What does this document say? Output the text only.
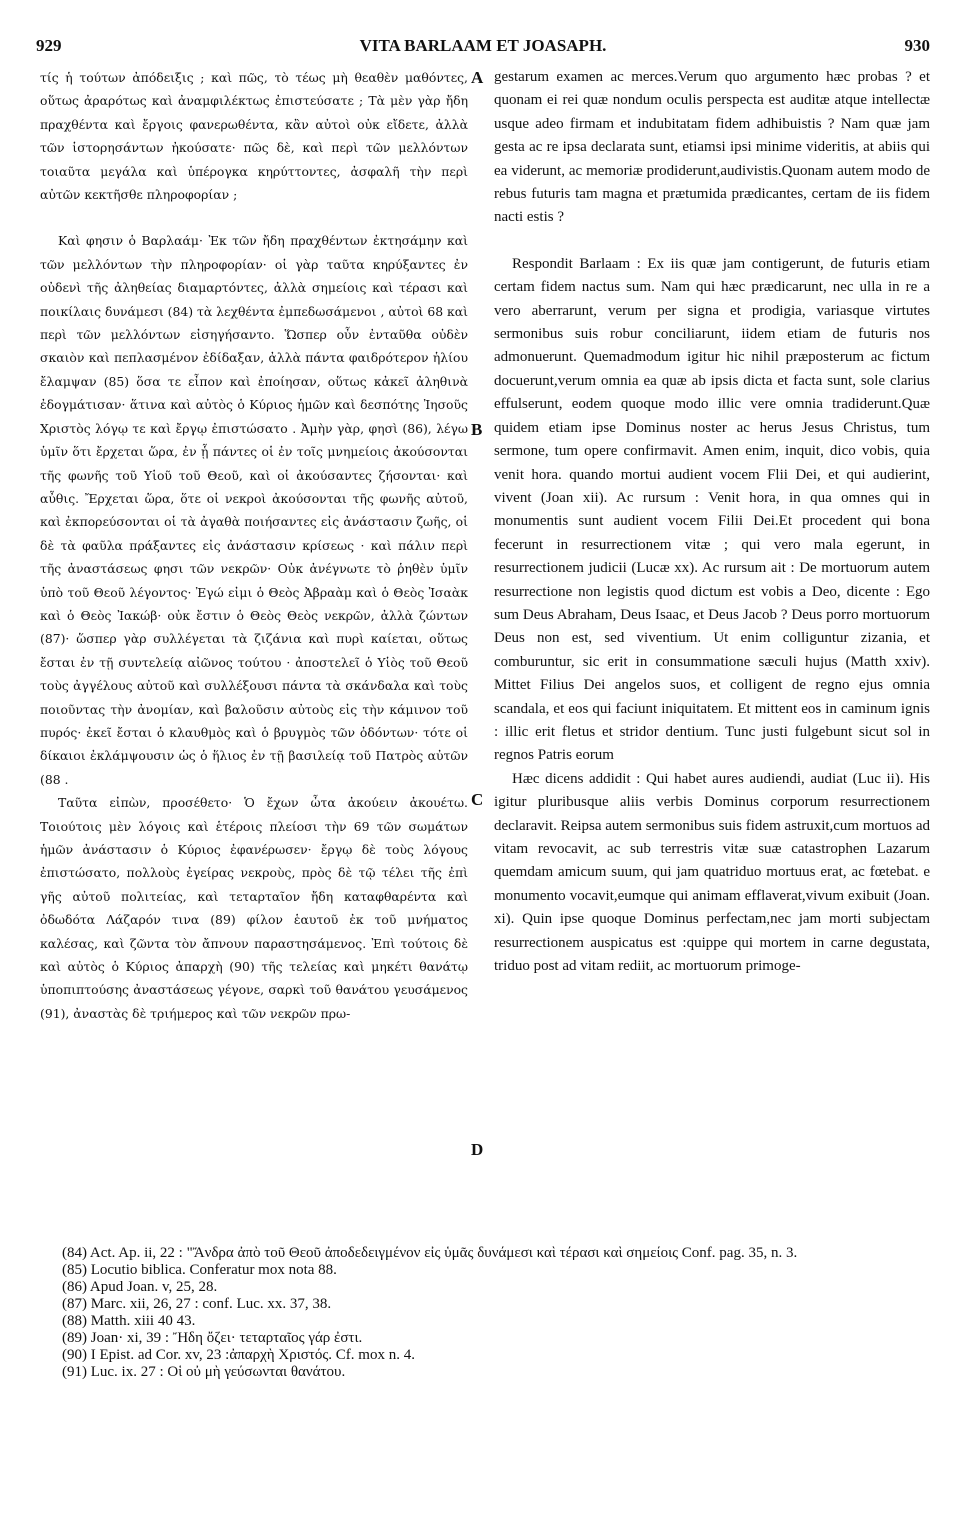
929	VITA BARLAAM ET JOASAPH.	930

τίς ἡ τούτων ἀπόδειξις ; καὶ πῶς, τὸ τέως μὴ θεαθὲν μαθόντες, οὕτως ἀραρότως καὶ ἀναμφιλέκτως ἐπιστεύσατε ; Τὰ μὲν γὰρ ἤδη πραχθέντα καὶ ἔργοις φανερωθέντα, κἂν αὐτοὶ οὐκ εἴδετε, ἀλλὰ τῶν ἱστορησάντων ἠκούσατε· πῶς δὲ, καὶ περὶ τῶν μελλόντων τοιαῦτα μεγάλα καὶ ὑπέρογκα κηρύττοντες, ἀσφαλῆ τὴν περὶ αὐτῶν κεκτῆσθε πληροφορίαν ;

Καὶ φησιν ὁ Βαρλαάμ· Ἐκ τῶν ἤδη πραχθέντων ἐκτησάμην καὶ τῶν μελλόντων τὴν πληροφορίαν· οἱ γὰρ ταῦτα κηρύξαντες ἐν οὐδενὶ τῆς ἀληθείας διαμαρτόντες, ἀλλὰ σημείοις καὶ τέρασι καὶ ποικίλαις δυνάμεσι (84) τὰ λεχθέντα ἐμπεδωσάμενοι , αὐτοὶ 68 καὶ περὶ τῶν μελλόντων εἰσηγήσαντο. Ὥσπερ οὖν ἐνταῦθα οὐδὲν σκαιὸν καὶ πεπλασμένον ἐδίδαξαν, ἀλλὰ πάντα φαιδρότερον ἡλίου ἔλαμψαν (85) ὅσα τε εἶπον καὶ ἐποίησαν, οὕτως κἀκεῖ ἀληθινὰ ἐδογμάτισαν· ἅτινα καὶ αὐτὸς ὁ Κύριος ἡμῶν καὶ δεσπότης Ἰησοῦς Χριστὸς λόγῳ τε καὶ ἔργῳ ἐπιστώσατο . Ἀμὴν γὰρ, φησὶ (86), λέγω ὑμῖν ὅτι ἔρχεται ὥρα, ἐν ᾗ πάντες οἱ ἐν τοῖς μνημείοις ἀκούσονται τῆς φωνῆς τοῦ Υἱοῦ τοῦ Θεοῦ, καὶ οἱ ἀκούσαντες ζήσονται· καὶ αὖθις. Ἔρχεται ὥρα, ὅτε οἱ νεκροὶ ἀκούσονται τῆς φωνῆς αὐτοῦ, καὶ ἐκπορεύσονται οἱ τὰ ἀγαθὰ ποιήσαντες εἰς ἀνάστασιν ζωῆς, οἱ δὲ τὰ φαῦλα πράξαντες εἰς ἀνάστασιν κρίσεως · καὶ πάλιν περὶ τῆς ἀναστάσεως φησι τῶν νεκρῶν· Οὐκ ἀνέγνωτε τὸ ῥηθὲν ὑμῖν ὑπὸ τοῦ Θεοῦ λέγοντος· Ἐγώ εἰμι ὁ Θεὸς Ἀβραὰμ καὶ ὁ Θεὸς Ἰσαὰκ καὶ ὁ Θεὸς Ἰακώβ· οὐκ ἔστιν ὁ Θεὸς Θεὸς νεκρῶν, ἀλλὰ ζώντων (87)· ὥσπερ γὰρ συλλέγεται τὰ ζιζάνια καὶ πυρὶ καίεται, οὕτως ἔσται ἐν τῇ συντελείᾳ αἰῶνος τούτου · ἀποστελεῖ ὁ Υἱὸς τοῦ Θεοῦ τοὺς ἀγγέλους αὐτοῦ καὶ συλλέξουσι πάντα τὰ σκάνδαλα καὶ τοὺς ποιοῦντας τὴν ἀνομίαν, καὶ βαλοῦσιν αὐτοὺς εἰς τὴν κάμινον τοῦ πυρός· ἐκεῖ ἔσται ὁ κλαυθμὸς καὶ ὁ βρυγμὸς τῶν ὀδόντων· τότε οἱ δίκαιοι ἐκλάμψουσιν ὡς ὁ ἥλιος ἐν τῇ βασιλείᾳ τοῦ Πατρὸς αὐτῶν (88 .

Ταῦτα εἰπὼν, προσέθετο· Ὁ ἔχων ὦτα ἀκούειν ἀκουέτω. Τοιούτοις μὲν λόγοις καὶ ἑτέροις πλείοσι τὴν 69 τῶν σωμάτων ἡμῶν ἀνάστασιν ὁ Κύριος ἐφανέρωσεν· ἔργῳ δὲ τοὺς λόγους ἐπιστώσατο, πολλοὺς ἐγείρας νεκροὺς, πρὸς δὲ τῷ τέλει τῆς ἐπὶ γῆς αὐτοῦ πολιτείας, καὶ τεταρταῖον ἤδη καταφθαρέντα καὶ ὀδωδότα Λάζαρόν τινα (89) φίλον ἑαυτοῦ ἐκ τοῦ μνήματος καλέσας, καὶ ζῶντα τὸν ἄπνουν παραστησάμενος. Ἐπὶ τούτοις δὲ καὶ αὐτὸς ὁ Κύριος ἀπαρχὴ (90) τῆς τελείας καὶ μηκέτι θανάτῳ ὑποπιπτούσης ἀναστάσεως γέγονε, σαρκὶ τοῦ θανάτου γευσάμενος (91), ἀναστὰς δὲ τριήμερος καὶ τῶν νεκρῶν πρω-

A
B
C
D

gestarum examen ac merces.Verum quo argumento hæc probas ? et quonam ei rei quæ nondum oculis perspecta est auditæ atque intellectæ usque adeo firmam et indubitatam fidem adhibuistis ? Nam quæ jam gesta ac re ipsa declarata sunt, etiamsi ipsi minime videritis, at abiis qui ea viderunt, ac memoriæ prodiderunt,audivistis.Quonam autem modo de rebus futuris tam magna et prætumida prædicantes, certam de iis fidem nacti estis ?

Respondit Barlaam : Ex iis quæ jam contigerunt, de futuris etiam certam fidem nactus sum. Nam qui hæc prædicarunt, nec ulla in re a vero aberrarunt, verum per signa et prodigia, variasque virtutes sermonibus suis robur conciliarunt, iidem etiam de futuris nos admonuerunt. Quemadmodum igitur hic nihil præposterum ac fictum docuerunt,verum omnia ea quæ ab ipsis dicta et facta sunt, sole clarius effulserunt, eodem quoque modo illic vere omnia tradiderunt.Quæ quidem etiam ipse Dominus noster ac herus Jesus Christus, tum sermone, tum opere confirmavit. Amen enim, inquit, dico vobis, quia venit hora. quando mortui audient vocem Flii Dei, et qui audierint, vivent (Joan xii). Ac rursum : Venit hora, in qua omnes qui in monumentis sunt audient vocem Filii Dei.Et procedent qui bona fecerunt in resurrectionem vitæ ; qui vero mala egerunt, in resurrectionem judicii (Lucæ xx). Ac rursum ait : De mortuorum autem resurrectione non legistis quod dictum est vobis a Deo, dicente : Ego sum Deus Abraham, Deus Isaac, et Deus Jacob ? Deus porro mortuorum Deus non est, sed viventium. Ut enim colliguntur zizania, et comburuntur, sic erit in consummatione sæculi hujus (Matth xxiv). Mittet Filius Dei angelos suos, et colligent de regno ejus omnia scandala, et eos qui faciunt iniquitatem. Et mittent eos in caminum ignis : illic erit fletus et stridor dentium. Tunc justi fulgebunt sicut sol in regnos Patris eorum

Hæc dicens addidit : Qui habet aures audiendi, audiat (Luc ii). His igitur pluribusque aliis verbis Dominus corporum resurrectionem declaravit. Reipsa autem sermonibus suis fidem astruxit,cum mortuos ad vitam revocavit, ac sub terrestris vitæ suæ catastrophen Lazarum quemdam amicum suum, qui jam quatriduo mortuus erat, ac fœtebat. e monumento vocavit,eumque qui animam efflaverat,vivum exibuit (Joan. xi). Quin ipse quoque Dominus perfectam,nec jam morti subjectam resurrectionem auspicatus est :quippe qui mortem in carne degustata, triduo post ad vitam rediit, ac mortuorum primoge-

(84) Act. Ap. ii, 22 : "Ἄνδρα ἀπὸ τοῦ Θεοῦ ἀποδεδειγμένον εἰς ὑμᾶς δυνάμεσι καὶ τέρασι καὶ σημείοις Conf. pag. 35, n. 3.

(85) Locutio biblica. Conferatur mox nota 88.

(86) Apud Joan. v, 25, 28.

(87) Marc. xii, 26, 27 : conf. Luc. xx. 37, 38.

(88) Matth. xiii 40 43.

(89) Joan· xi, 39 : Ἤδη ὄζει· τεταρταῖος γάρ ἐστι.

(90) I Epist. ad Cor. xv, 23 :ἀπαρχὴ Χριστός. Cf. mox n. 4.

(91) Luc. ix. 27 : Οἱ οὐ μὴ γεύσωνται θανάτου.
